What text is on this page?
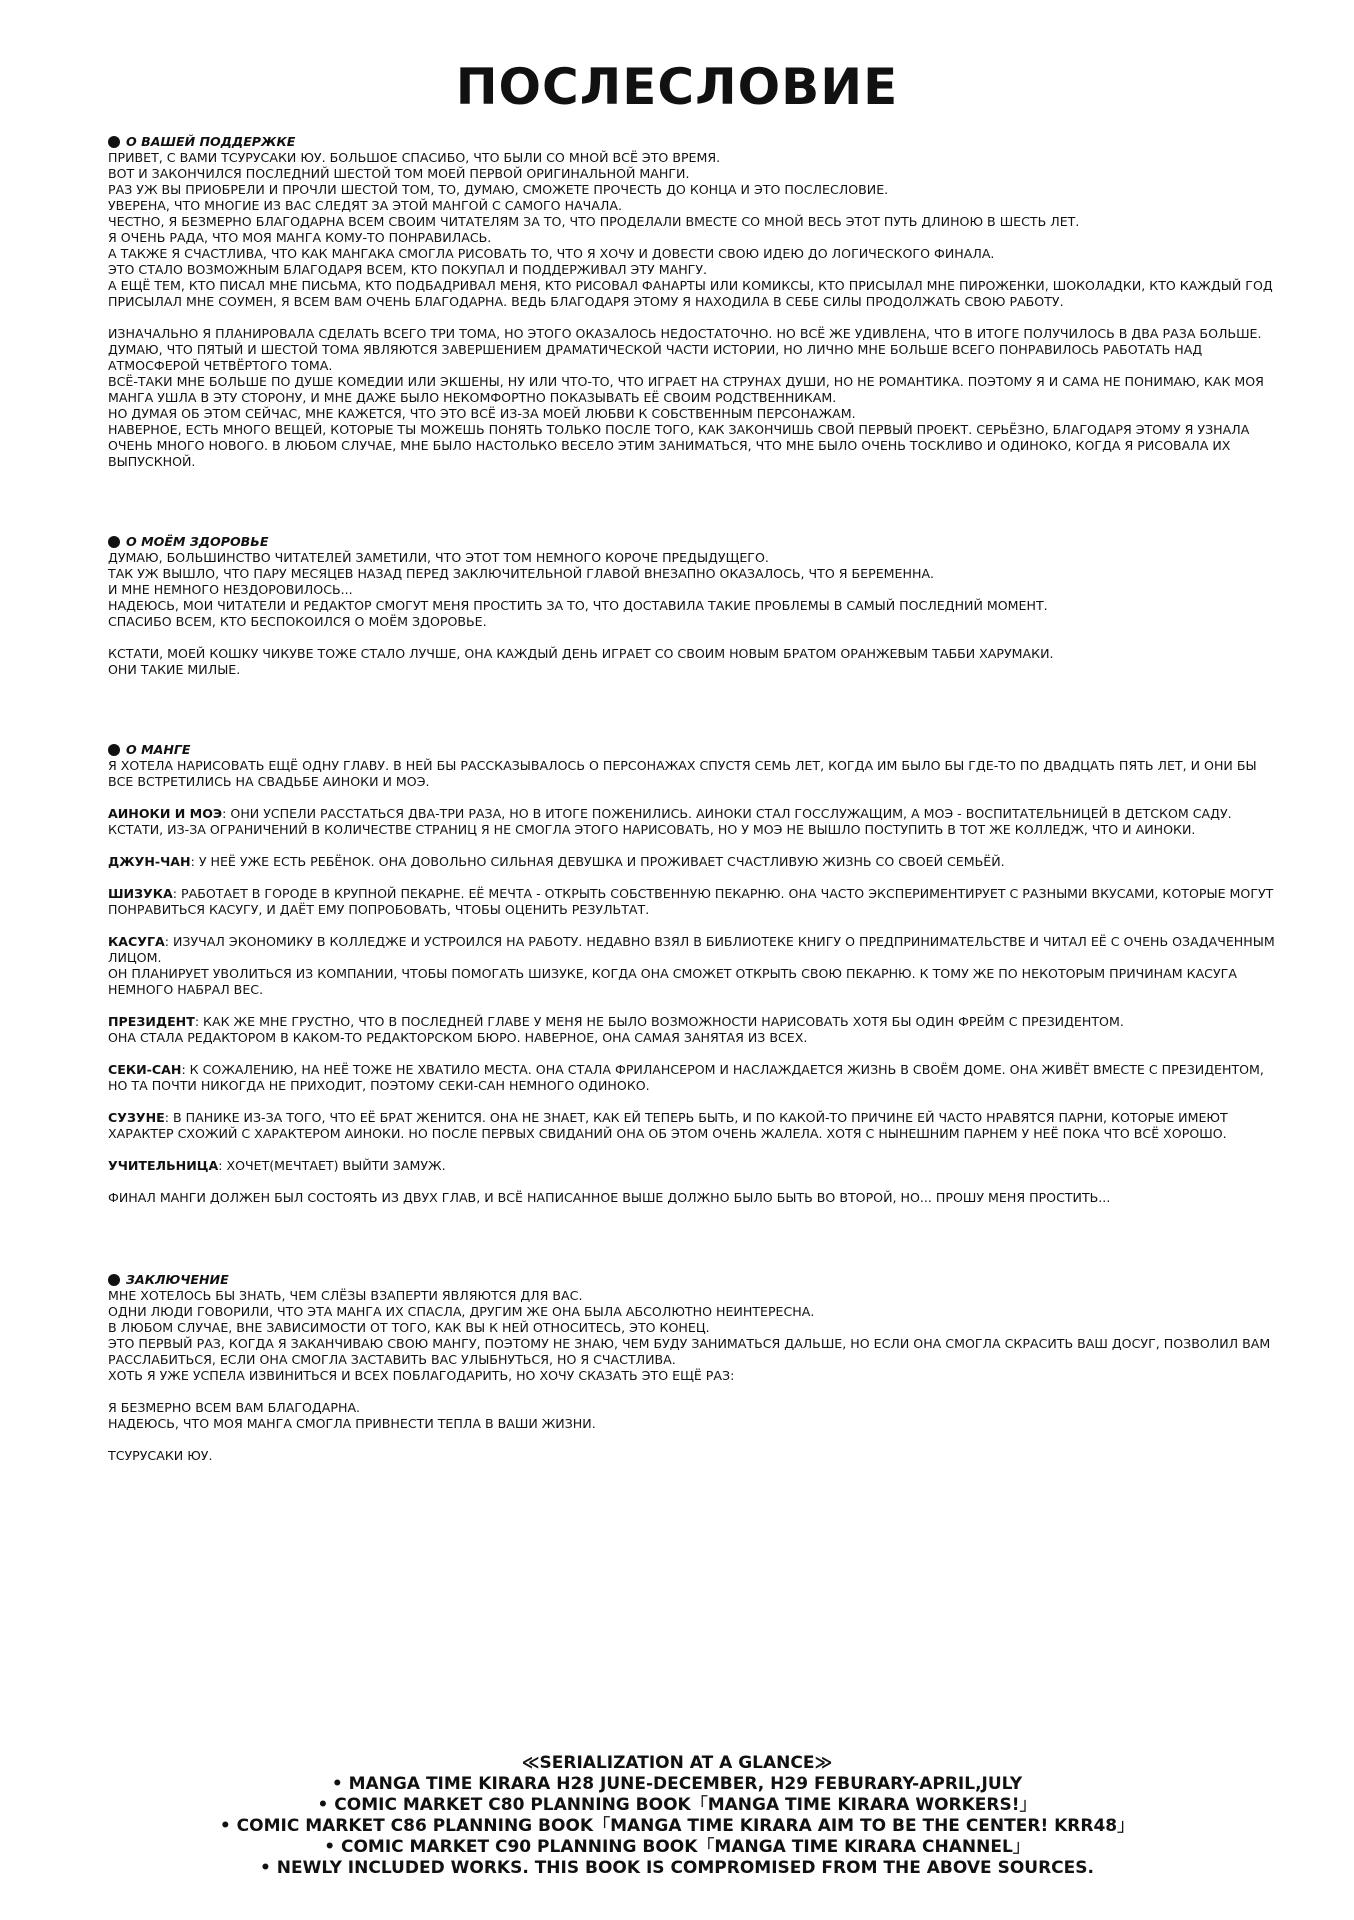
ПОСЛЕСЛОВИЕ
О ВАШЕЙ ПОДДЕРЖКЕ

ПРИВЕТ, С ВАМИ ТСУРУСАКИ ЮУ. БОЛЬШОЕ СПАСИБО, ЧТО БЫЛИ СО МНОЙ ВСЁ ЭТО ВРЕМЯ.

ВОТ И ЗАКОНЧИЛСЯ ПОСЛЕДНИЙ ШЕСТОЙ ТОМ МОЕЙ ПЕРВОЙ ОРИГИНАЛЬНОЙ МАНГИ.

РАЗ УЖ ВЫ ПРИОБРЕЛИ И ПРОЧЛИ ШЕСТОЙ ТОМ, ТО, ДУМАЮ, СМОЖЕТЕ ПРОЧЕСТЬ ДО КОНЦА И ЭТО ПОСЛЕСЛОВИЕ.

УВЕРЕНА, ЧТО МНОГИЕ ИЗ ВАС СЛЕДЯТ ЗА ЭТОЙ МАНГОЙ С САМОГО НАЧАЛА.

ЧЕСТНО, Я БЕЗМЕРНО БЛАГОДАРНА ВСЕМ СВОИМ ЧИТАТЕЛЯМ ЗА ТО, ЧТО ПРОДЕЛАЛИ ВМЕСТЕ СО МНОЙ ВЕСЬ ЭТОТ ПУТЬ ДЛИНОЮ В ШЕСТЬ ЛЕТ.

Я ОЧЕНЬ РАДА, ЧТО МОЯ МАНГА КОМУ-ТО ПОНРАВИЛАСЬ.

А ТАКЖЕ Я СЧАСТЛИВА, ЧТО КАК МАНГАКА СМОГЛА РИСОВАТЬ ТО, ЧТО Я ХОЧУ И ДОВЕСТИ СВОЮ ИДЕЮ ДО ЛОГИЧЕСКОГО ФИНАЛА.

ЭТО СТАЛО ВОЗМОЖНЫМ БЛАГОДАРЯ ВСЕМ, КТО ПОКУПАЛ И ПОДДЕРЖИВАЛ ЭТУ МАНГУ.

А ЕЩЁ ТЕМ, КТО ПИСАЛ МНЕ ПИСЬМА, КТО ПОДБАДРИВАЛ МЕНЯ, КТО РИСОВАЛ ФАНАРТЫ ИЛИ КОМИКСЫ, КТО ПРИСЫЛАЛ МНЕ ПИРОЖЕНКИ, ШОКОЛАДКИ, КТО КАЖДЫЙ ГОД ПРИСЫЛАЛ МНЕ СОУМЕН, Я ВСЕМ ВАМ ОЧЕНЬ БЛАГОДАРНА. ВЕДЬ БЛАГОДАРЯ ЭТОМУ Я НАХОДИЛА В СЕБЕ СИЛЫ ПРОДОЛЖАТЬ СВОЮ РАБОТУ.

ИЗНАЧАЛЬНО Я ПЛАНИРОВАЛА СДЕЛАТЬ ВСЕГО ТРИ ТОМА, НО ЭТОГО ОКАЗАЛОСЬ НЕДОСТАТОЧНО. НО ВСЁ ЖЕ УДИВЛЕНА, ЧТО В ИТОГЕ ПОЛУЧИЛОСЬ В ДВА РАЗА БОЛЬШЕ.

ДУМАЮ, ЧТО ПЯТЫЙ И ШЕСТОЙ ТОМА ЯВЛЯЮТСЯ ЗАВЕРШЕНИЕМ ДРАМАТИЧЕСКОЙ ЧАСТИ ИСТОРИИ, НО ЛИЧНО МНЕ БОЛЬШЕ ВСЕГО ПОНРАВИЛОСЬ РАБОТАТЬ НАД АТМОСФЕРОЙ ЧЕТВЁРТОГО ТОМА.

ВСЁ-ТАКИ МНЕ БОЛЬШЕ ПО ДУШЕ КОМЕДИИ ИЛИ ЭКШЕНЫ, НУ ИЛИ ЧТО-ТО, ЧТО ИГРАЕТ НА СТРУНАХ ДУШИ, НО НЕ РОМАНТИКА. ПОЭТОМУ Я И САМА НЕ ПОНИМАЮ, КАК МОЯ МАНГА УШЛА В ЭТУ СТОРОНУ, И МНЕ ДАЖЕ БЫЛО НЕКОМФОРТНО ПОКАЗЫВАТЬ ЕЁ СВОИМ РОДСТВЕННИКАМ.

НО ДУМАЯ ОБ ЭТОМ СЕЙЧАС, МНЕ КАЖЕТСЯ, ЧТО ЭТО ВСЁ ИЗ-ЗА МОЕЙ ЛЮБВИ К СОБСТВЕННЫМ ПЕРСОНАЖАМ.

НАВЕРНОЕ, ЕСТЬ МНОГО ВЕЩЕЙ, КОТОРЫЕ ТЫ МОЖЕШЬ ПОНЯТЬ ТОЛЬКО ПОСЛЕ ТОГО, КАК ЗАКОНЧИШЬ СВОЙ ПЕРВЫЙ ПРОЕКТ. СЕРЬЁЗНО, БЛАГОДАРЯ ЭТОМУ Я УЗНАЛА ОЧЕНЬ МНОГО НОВОГО. В ЛЮБОМ СЛУЧАЕ, МНЕ БЫЛО НАСТОЛЬКО ВЕСЕЛО ЭТИМ ЗАНИМАТЬСЯ, ЧТО МНЕ БЫЛО ОЧЕНЬ ТОСКЛИВО И ОДИНОКО, КОГДА Я РИСОВАЛА ИХ ВЫПУСКНОЙ.

О МОЁМ ЗДОРОВЬЕ

ДУМАЮ, БОЛЬШИНСТВО ЧИТАТЕЛЕЙ ЗАМЕТИЛИ, ЧТО ЭТОТ ТОМ НЕМНОГО КОРОЧЕ ПРЕДЫДУЩЕГО.

ТАК УЖ ВЫШЛО, ЧТО ПАРУ МЕСЯЦЕВ НАЗАД ПЕРЕД ЗАКЛЮЧИТЕЛЬНОЙ ГЛАВОЙ ВНЕЗАПНО ОКАЗАЛОСЬ, ЧТО Я БЕРЕМЕННА.

И МНЕ НЕМНОГО НЕЗДОРОВИЛОСЬ...

НАДЕЮСЬ, МОИ ЧИТАТЕЛИ И РЕДАКТОР СМОГУТ МЕНЯ ПРОСТИТЬ ЗА ТО, ЧТО ДОСТАВИЛА ТАКИЕ ПРОБЛЕМЫ В САМЫЙ ПОСЛЕДНИЙ МОМЕНТ.

СПАСИБО ВСЕМ, КТО БЕСПОКОИЛСЯ О МОЁМ ЗДОРОВЬЕ.

КСТАТИ, МОЕЙ КОШКУ ЧИКУВЕ ТОЖЕ СТАЛО ЛУЧШЕ, ОНА КАЖДЫЙ ДЕНЬ ИГРАЕТ СО СВОИМ НОВЫМ БРАТОМ ОРАНЖЕВЫМ ТАББИ ХАРУМАКИ.

ОНИ ТАКИЕ МИЛЫЕ.

О МАНГЕ

Я ХОТЕЛА НАРИСОВАТЬ ЕЩЁ ОДНУ ГЛАВУ. В НЕЙ БЫ РАССКАЗЫВАЛОСЬ О ПЕРСОНАЖАХ СПУСТЯ СЕМЬ ЛЕТ, КОГДА ИМ БЫЛО БЫ ГДЕ-ТО ПО ДВАДЦАТЬ ПЯТЬ ЛЕТ, И ОНИ БЫ ВСЕ ВСТРЕТИЛИСЬ НА СВАДЬБЕ АИНОКИ И МОЭ.

АИНОКИ И МОЭ: ОНИ УСПЕЛИ РАССТАТЬСЯ ДВА-ТРИ РАЗА, НО В ИТОГЕ ПОЖЕНИЛИСЬ. АИНОКИ СТАЛ ГОССЛУЖАЩИМ, А МОЭ - ВОСПИТАТЕЛЬНИЦЕЙ В ДЕТСКОМ САДУ. КСТАТИ, ИЗ-ЗА ОГРАНИЧЕНИЙ В КОЛИЧЕСТВЕ СТРАНИЦ Я НЕ СМОГЛА ЭТОГО НАРИСОВАТЬ, НО У МОЭ НЕ ВЫШЛО ПОСТУПИТЬ В ТОТ ЖЕ КОЛЛЕДЖ, ЧТО И АИНОКИ.

ДЖУН-ЧАН: У НЕЁ УЖЕ ЕСТЬ РЕБЁНОК. ОНА ДОВОЛЬНО СИЛЬНАЯ ДЕВУШКА И ПРОЖИВАЕТ СЧАСТЛИВУЮ ЖИЗНЬ СО СВОЕЙ СЕМЬЁЙ.

ШИЗУКА: РАБОТАЕТ В ГОРОДЕ В КРУПНОЙ ПЕКАРНЕ. ЕЁ МЕЧТА - ОТКРЫТЬ СОБСТВЕННУЮ ПЕКАРНЮ. ОНА ЧАСТО ЭКСПЕРИМЕНТИРУЕТ С РАЗНЫМИ ВКУСАМИ, КОТОРЫЕ МОГУТ ПОНРАВИТЬСЯ КАСУГУ, И ДАЁТ ЕМУ ПОПРОБОВАТЬ, ЧТОБЫ ОЦЕНИТЬ РЕЗУЛЬТАТ.

КАСУГА: ИЗУЧАЛ ЭКОНОМИКУ В КОЛЛЕДЖЕ И УСТРОИЛСЯ НА РАБОТУ. НЕДАВНО ВЗЯЛ В БИБЛИОТЕКЕ КНИГУ О ПРЕДПРИНИМАТЕЛЬСТВЕ И ЧИТАЛ ЕЁ С ОЧЕНЬ ОЗАДАЧЕННЫМ ЛИЦОМ.

ОН ПЛАНИРУЕТ УВОЛИТЬСЯ ИЗ КОМПАНИИ, ЧТОБЫ ПОМОГАТЬ ШИЗУКЕ, КОГДА ОНА СМОЖЕТ ОТКРЫТЬ СВОЮ ПЕКАРНЮ. К ТОМУ ЖЕ ПО НЕКОТОРЫМ ПРИЧИНАМ КАСУГА НЕМНОГО НАБРАЛ ВЕС.

ПРЕЗИДЕНТ: КАК ЖЕ МНЕ ГРУСТНО, ЧТО В ПОСЛЕДНЕЙ ГЛАВЕ У МЕНЯ НЕ БЫЛО ВОЗМОЖНОСТИ НАРИСОВАТЬ ХОТЯ БЫ ОДИН ФРЕЙМ С ПРЕЗИДЕНТОМ.

ОНА СТАЛА РЕДАКТОРОМ В КАКОМ-ТО РЕДАКТОРСКОМ БЮРО. НАВЕРНОЕ, ОНА САМАЯ ЗАНЯТАЯ ИЗ ВСЕХ.

СЕКИ-САН: К СОЖАЛЕНИЮ, НА НЕЁ ТОЖЕ НЕ ХВАТИЛО МЕСТА. ОНА СТАЛА ФРИЛАНСЕРОМ И НАСЛАЖДАЕТСЯ ЖИЗНЬ В СВОЁМ ДОМЕ. ОНА ЖИВЁТ ВМЕСТЕ С ПРЕЗИДЕНТОМ, НО ТА ПОЧТИ НИКОГДА НЕ ПРИХОДИТ, ПОЭТОМУ СЕКИ-САН НЕМНОГО ОДИНОКО.

СУЗУНЕ: В ПАНИКЕ ИЗ-ЗА ТОГО, ЧТО ЕЁ БРАТ ЖЕНИТСЯ. ОНА НЕ ЗНАЕТ, КАК ЕЙ ТЕПЕРЬ БЫТЬ, И ПО КАКОЙ-ТО ПРИЧИНЕ ЕЙ ЧАСТО НРАВЯТСЯ ПАРНИ, КОТОРЫЕ ИМЕЮТ ХАРАКТЕР СХОЖИЙ С ХАРАКТЕРОМ АИНОКИ. НО ПОСЛЕ ПЕРВЫХ СВИДАНИЙ ОНА ОБ ЭТОМ ОЧЕНЬ ЖАЛЕЛА. ХОТЯ С НЫНЕШНИМ ПАРНЕМ У НЕЁ ПОКА ЧТО ВСЁ ХОРОШО.

УЧИТЕЛЬНИЦА: ХОЧЕТ(МЕЧТАЕТ) ВЫЙТИ ЗАМУЖ.

ФИНАЛ МАНГИ ДОЛЖЕН БЫЛ СОСТОЯТЬ ИЗ ДВУХ ГЛАВ, И ВСЁ НАПИСАННОЕ ВЫШЕ ДОЛЖНО БЫЛО БЫТЬ ВО ВТОРОЙ, НО... ПРОШУ МЕНЯ ПРОСТИТЬ...

ЗАКЛЮЧЕНИЕ

МНЕ ХОТЕЛОСЬ БЫ ЗНАТЬ, ЧЕМ СЛЁЗЫ ВЗАПЕРТИ ЯВЛЯЮТСЯ ДЛЯ ВАС.

ОДНИ ЛЮДИ ГОВОРИЛИ, ЧТО ЭТА МАНГА ИХ СПАСЛА, ДРУГИМ ЖЕ ОНА БЫЛА АБСОЛЮТНО НЕИНТЕРЕСНА.

В ЛЮБОМ СЛУЧАЕ, ВНЕ ЗАВИСИМОСТИ ОТ ТОГО, КАК ВЫ К НЕЙ ОТНОСИТЕСЬ, ЭТО КОНЕЦ.

ЭТО ПЕРВЫЙ РАЗ, КОГДА Я ЗАКАНЧИВАЮ СВОЮ МАНГУ, ПОЭТОМУ НЕ ЗНАЮ, ЧЕМ БУДУ ЗАНИМАТЬСЯ ДАЛЬШЕ, НО ЕСЛИ ОНА СМОГЛА СКРАСИТЬ ВАШ ДОСУГ, ПОЗВОЛИЛ ВАМ РАССЛАБИТЬСЯ, ЕСЛИ ОНА СМОГЛА ЗАСТАВИТЬ ВАС УЛЫБНУТЬСЯ, НО Я СЧАСТЛИВА.

ХОТЬ Я УЖЕ УСПЕЛА ИЗВИНИТЬСЯ И ВСЕХ ПОБЛАГОДАРИТЬ, НО ХОЧУ СКАЗАТЬ ЭТО ЕЩЁ РАЗ:

Я БЕЗМЕРНО ВСЕМ ВАМ БЛАГОДАРНА.

НАДЕЮСЬ, ЧТО МОЯ МАНГА СМОГЛА ПРИВНЕСТИ ТЕПЛА В ВАШИ ЖИЗНИ.

ТСУРУСАКИ ЮУ.

≪SERIALIZATION AT A GLANCE≫
• MANGA TIME KIRARA H28 JUNE-DECEMBER, H29 FEBURARY-APRIL,JULY
• COMIC MARKET C80 PLANNING BOOK「MANGA TIME KIRARA WORKERS!」
• COMIC MARKET C86 PLANNING BOOK「MANGA TIME KIRARA AIM TO BE THE CENTER! KRR48」
• COMIC MARKET C90 PLANNING BOOK「MANGA TIME KIRARA CHANNEL」
• NEWLY INCLUDED WORKS. THIS BOOK IS COMPROMISED FROM THE ABOVE SOURCES.
